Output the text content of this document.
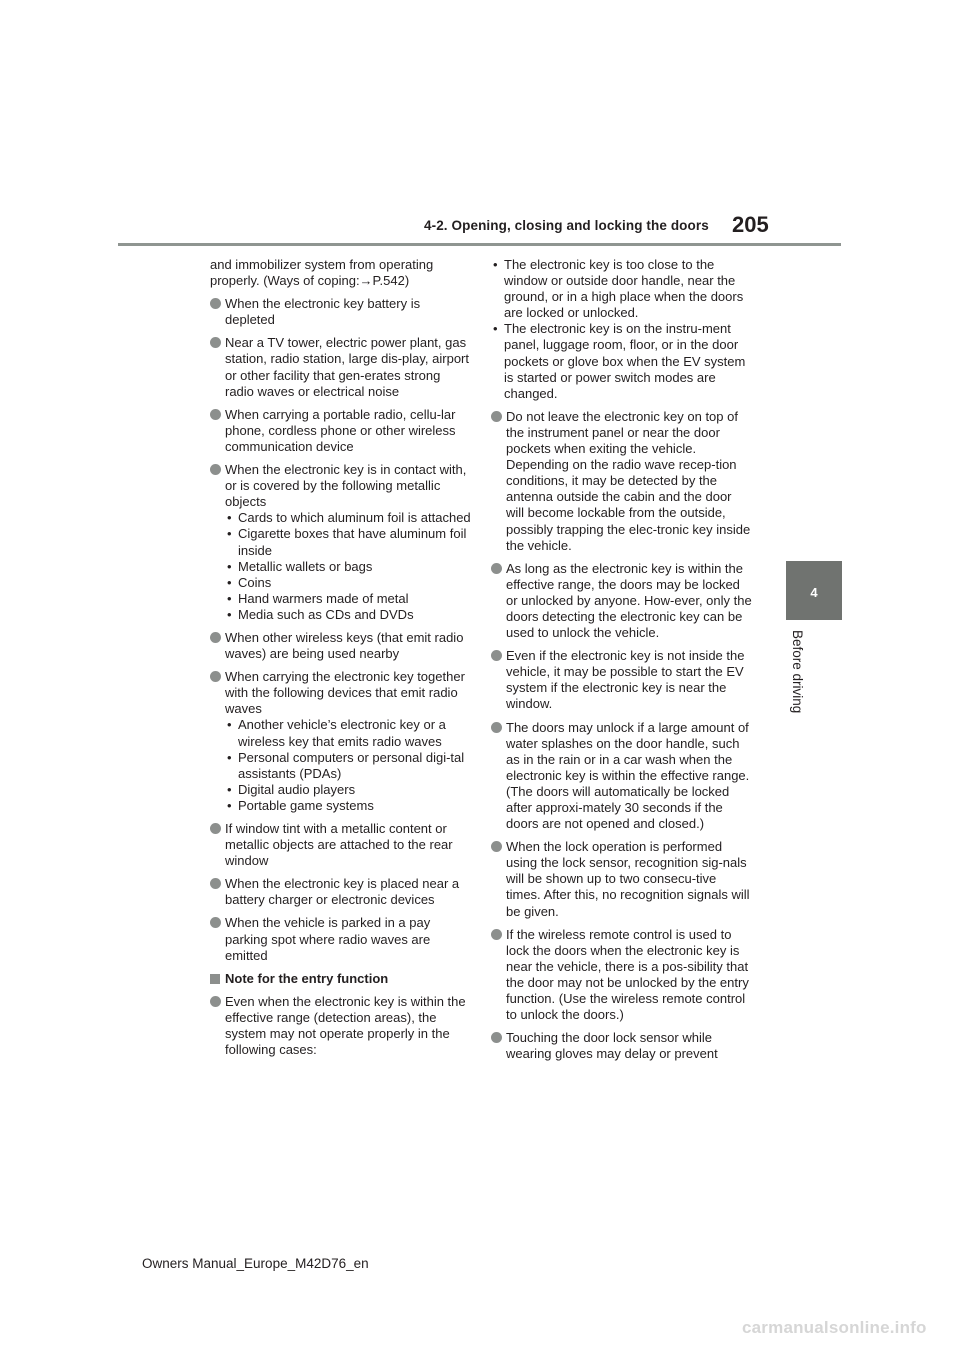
4-2. Opening, closing and locking the doors 205
4
Before driving

and immobilizer system from operating properly. (Ways of coping:→P.542)

When the electronic key battery is depleted
Near a TV tower, electric power plant, gas station, radio station, large dis-play, airport or other facility that gen-erates strong radio waves or electrical noise
When carrying a portable radio, cellu-lar phone, cordless phone or other wireless communication device
When the electronic key is in contact with, or is covered by the following metallic objects
• Cards to which aluminum foil is attached
• Cigarette boxes that have aluminum foil inside
• Metallic wallets or bags
• Coins
• Hand warmers made of metal
• Media such as CDs and DVDs
When other wireless keys (that emit radio waves) are being used nearby
When carrying the electronic key together with the following devices that emit radio waves
• Another vehicle’s electronic key or a wireless key that emits radio waves
• Personal computers or personal digi-tal assistants (PDAs)
• Digital audio players
• Portable game systems
If window tint with a metallic content or metallic objects are attached to the rear window
When the electronic key is placed near a battery charger or electronic devices
When the vehicle is parked in a pay parking spot where radio waves are emitted
Note for the entry function
Even when the electronic key is within the effective range (detection areas), the system may not operate properly in the following cases:
• The electronic key is too close to the window or outside door handle, near the ground, or in a high place when the doors are locked or unlocked.
• The electronic key is on the instru-ment panel, luggage room, floor, or in the door pockets or glove box when the EV system is started or power switch modes are changed.
Do not leave the electronic key on top of the instrument panel or near the door pockets when exiting the vehicle. Depending on the radio wave recep-tion conditions, it may be detected by the antenna outside the cabin and the door will become lockable from the outside, possibly trapping the elec-tronic key inside the vehicle.
As long as the electronic key is within the effective range, the doors may be locked or unlocked by anyone. How-ever, only the doors detecting the electronic key can be used to unlock the vehicle.
Even if the electronic key is not inside the vehicle, it may be possible to start the EV system if the electronic key is near the window.
The doors may unlock if a large amount of water splashes on the door handle, such as in the rain or in a car wash when the electronic key is within the effective range. (The doors will automatically be locked after approxi-mately 30 seconds if the doors are not opened and closed.)
When the lock operation is performed using the lock sensor, recognition sig-nals will be shown up to two consecu-tive times. After this, no recognition signals will be given.
If the wireless remote control is used to lock the doors when the electronic key is near the vehicle, there is a pos-sibility that the door may not be unlocked by the entry function. (Use the wireless remote control to unlock the doors.)
Touching the door lock sensor while wearing gloves may delay or prevent
Owners Manual_Europe_M42D76_en
carmanualsonline.info
